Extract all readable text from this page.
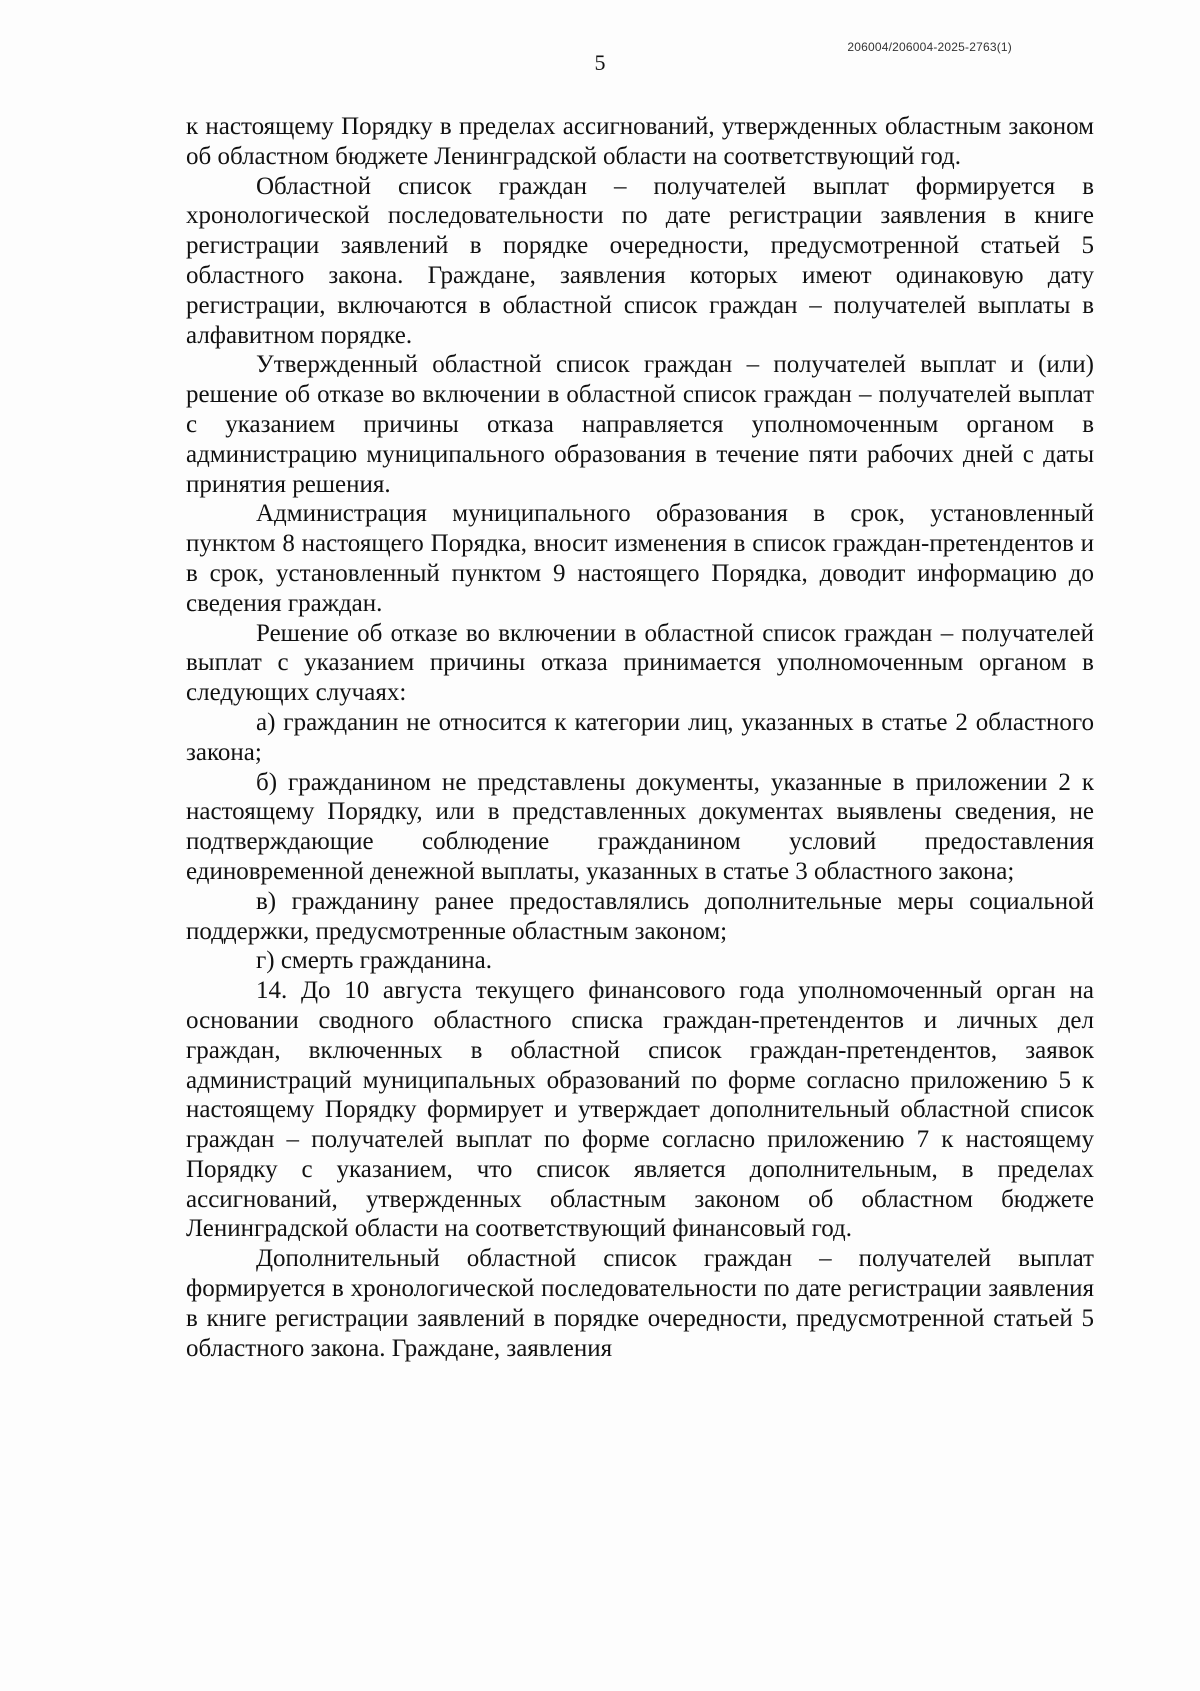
206004/206004-2025-2763(1)
5

к настоящему Порядку в пределах ассигнований, утвержденных областным законом об областном бюджете Ленинградской области на соответствующий год.

Областной список граждан – получателей выплат формируется в хронологической последовательности по дате регистрации заявления в книге регистрации заявлений в порядке очередности, предусмотренной статьей 5 областного закона. Граждане, заявления которых имеют одинаковую дату регистрации, включаются в областной список граждан – получателей выплаты в алфавитном порядке.

Утвержденный областной список граждан – получателей выплат и (или) решение об отказе во включении в областной список граждан – получателей выплат с указанием причины отказа направляется уполномоченным органом в администрацию муниципального образования в течение пяти рабочих дней с даты принятия решения.

Администрация муниципального образования в срок, установленный пунктом 8 настоящего Порядка, вносит изменения в список граждан-претендентов и в срок, установленный пунктом 9 настоящего Порядка, доводит информацию до сведения граждан.

Решение об отказе во включении в областной список граждан – получателей выплат с указанием причины отказа принимается уполномоченным органом в следующих случаях:

а) гражданин не относится к категории лиц, указанных в статье 2 областного закона;

б) гражданином не представлены документы, указанные в приложении 2 к настоящему Порядку, или в представленных документах выявлены сведения, не подтверждающие соблюдение гражданином условий предоставления единовременной денежной выплаты, указанных в статье 3 областного закона;

в) гражданину ранее предоставлялись дополнительные меры социальной поддержки, предусмотренные областным законом;

г) смерть гражданина.

14. До 10 августа текущего финансового года уполномоченный орган на основании сводного областного списка граждан-претендентов и личных дел граждан, включенных в областной список граждан-претендентов, заявок администраций муниципальных образований по форме согласно приложению 5 к настоящему Порядку формирует и утверждает дополнительный областной список граждан – получателей выплат по форме согласно приложению 7 к настоящему Порядку с указанием, что список является дополнительным, в пределах ассигнований, утвержденных областным законом об областном бюджете Ленинградской области на соответствующий финансовый год.

Дополнительный областной список граждан – получателей выплат формируется в хронологической последовательности по дате регистрации заявления в книге регистрации заявлений в порядке очередности, предусмотренной статьей 5 областного закона. Граждане, заявления
